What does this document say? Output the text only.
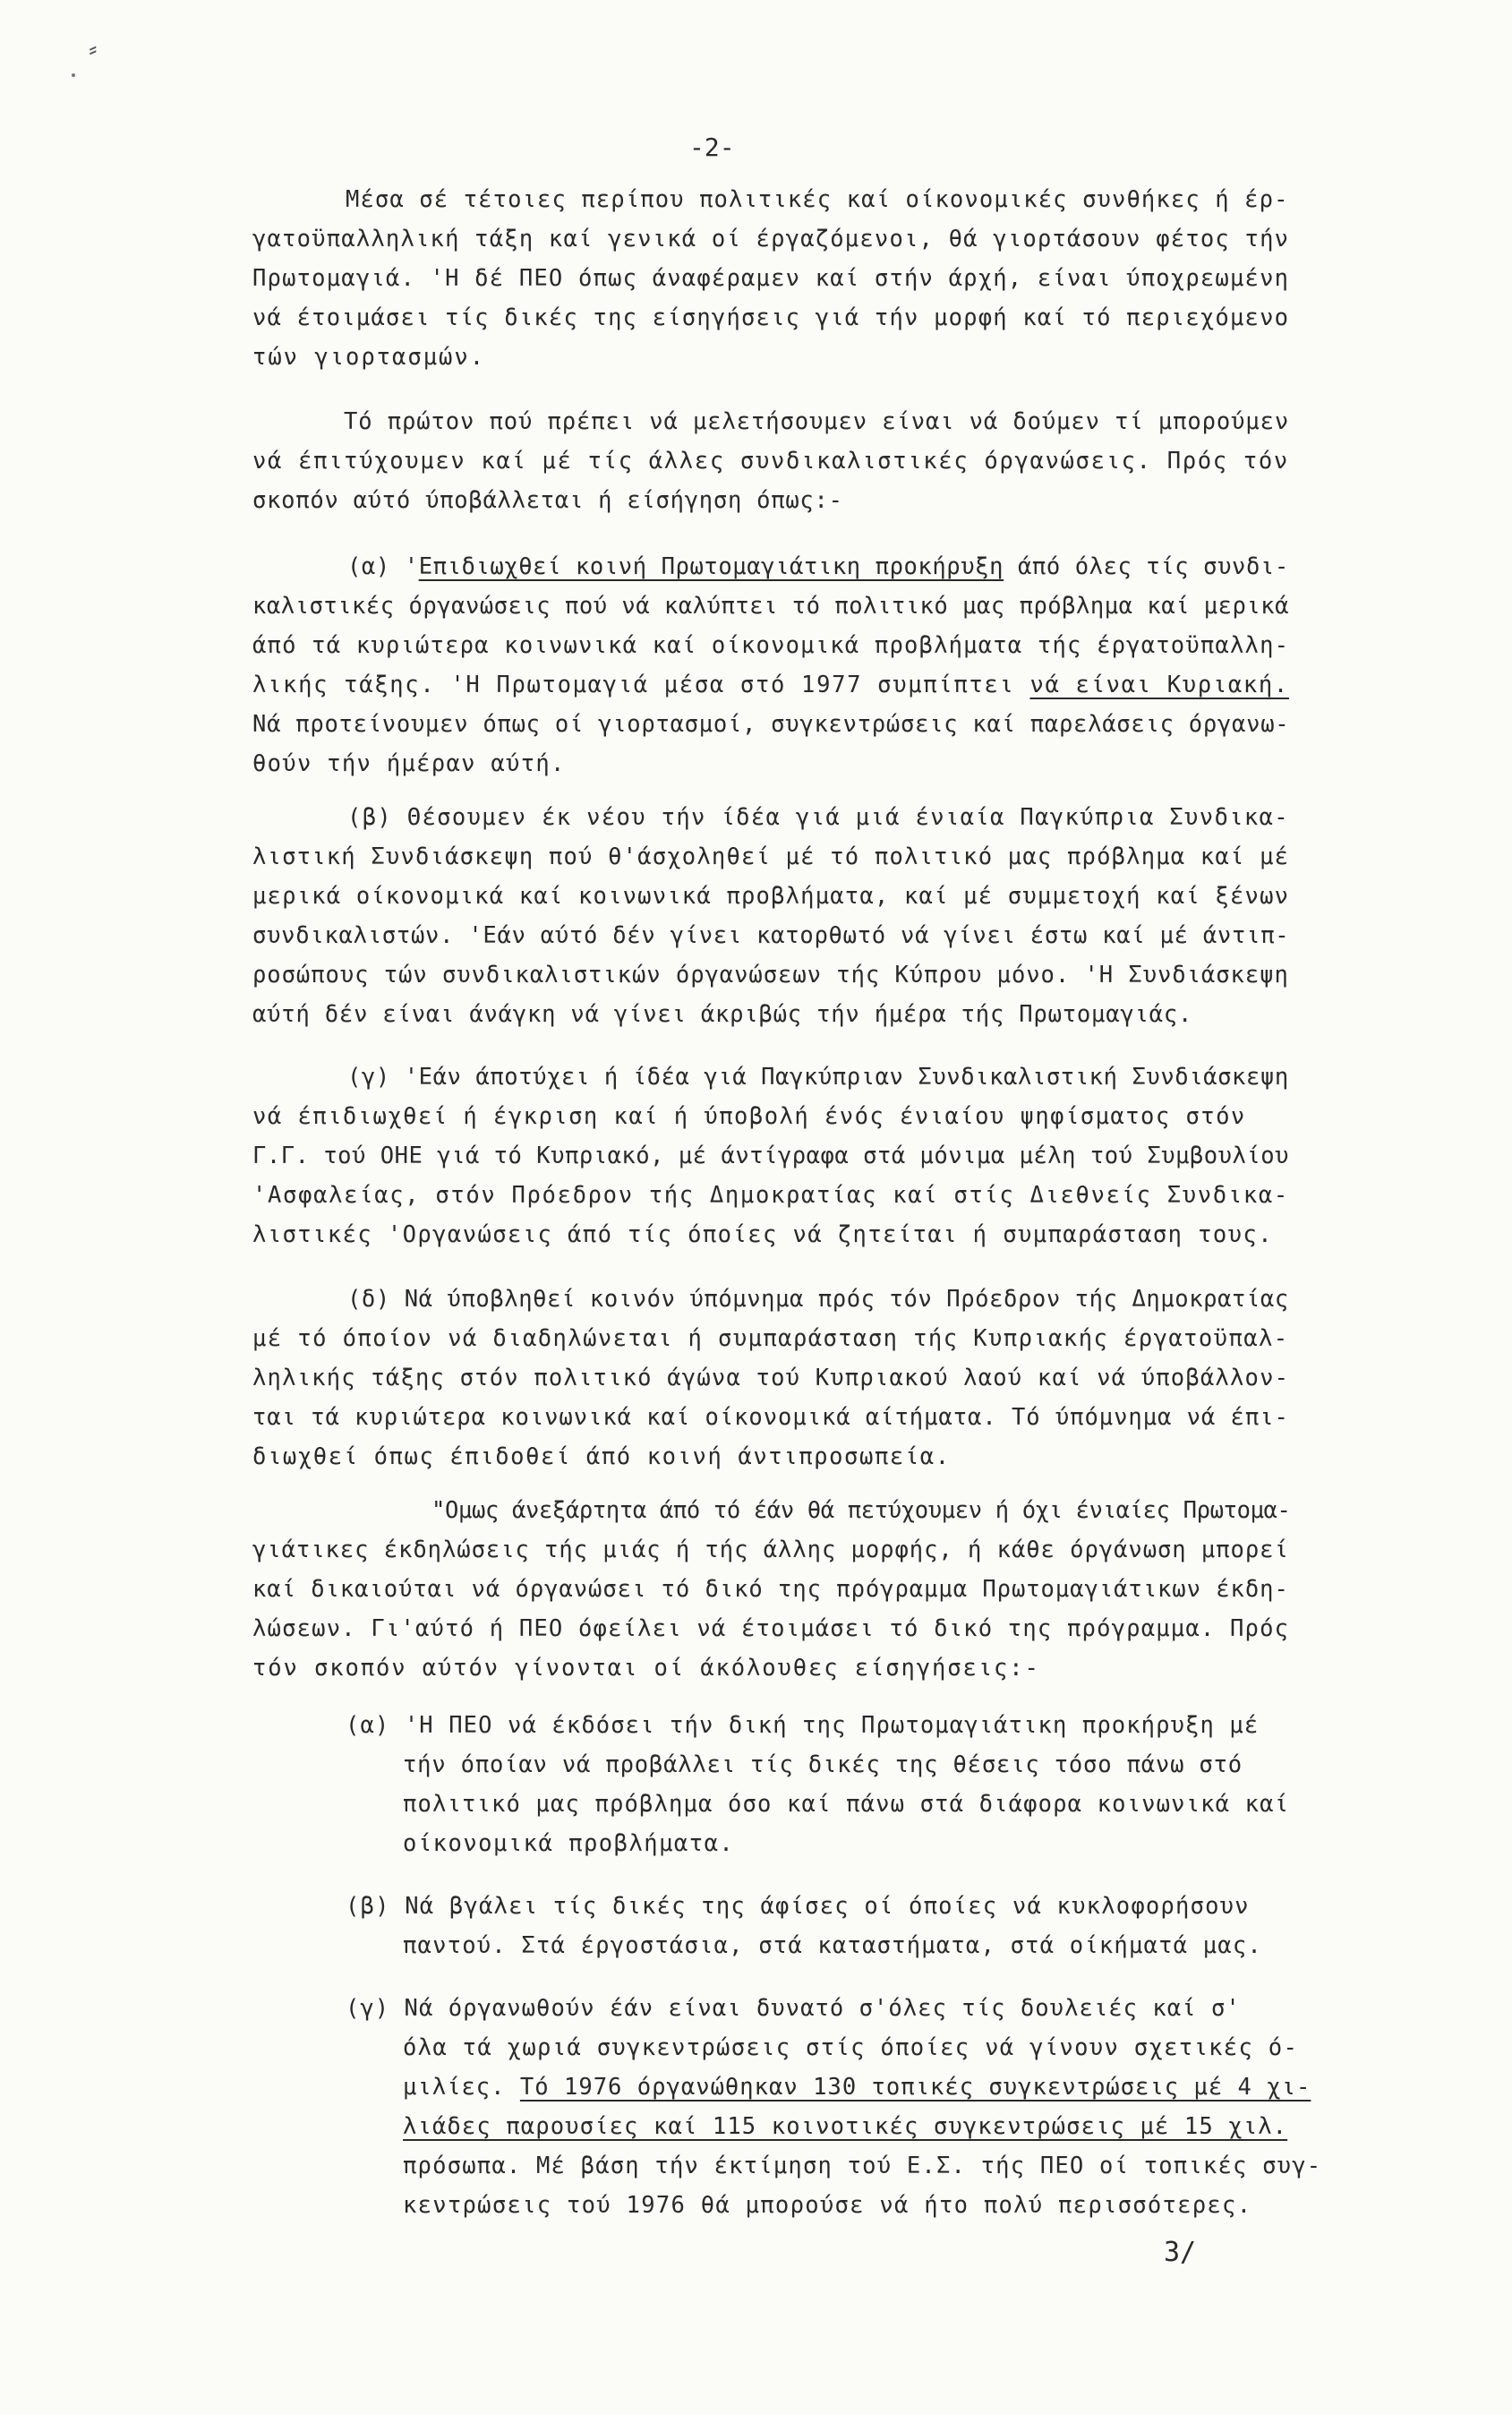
⸗
-2-
Μέσα σέ τέτοιες περίπου πολιτικές καί οίκονομικές συνθήκες ή έρ-
γατοϋπαλληλική τάξη καί γενικά οί έργαζόμενοι, θά γιορτάσουν φέτος τήν
Πρωτομαγιά. 'Η δέ ΠΕΟ όπως άναφέραμεν καί στήν άρχή, είναι ύποχρεωμένη
νά έτοιμάσει τίς δικές της είσηγήσεις γιά τήν μορφή καί τό περιεχόμενο
τών γιορτασμών.
Τό πρώτον πού πρέπει νά μελετήσουμεν είναι νά δούμεν τί μπορούμεν
νά έπιτύχουμεν καί μέ τίς άλλες συνδικαλιστικές όργανώσεις. Πρός τόν
σκοπόν αύτό ύποβάλλεται ή είσήγηση όπως:-
(α) 'Επιδιωχθεί κοινή Πρωτομαγιάτικη προκήρυξη άπό όλες τίς συνδι-
καλιστικές όργανώσεις πού νά καλύπτει τό πολιτικό μας πρόβλημα καί μερικά
άπό τά κυριώτερα κοινωνικά καί οίκονομικά προβλήματα τής έργατοϋπαλλη-
λικής τάξης. 'Η Πρωτομαγιά μέσα στό 1977 συμπίπτει νά είναι Κυριακή.
Νά προτείνουμεν όπως οί γιορτασμοί, συγκεντρώσεις καί παρελάσεις όργανω-
θούν τήν ήμέραν αύτή.
(β) Θέσουμεν έκ νέου τήν ίδέα γιά μιά ένιαία Παγκύπρια Συνδικα-
λιστική Συνδιάσκεψη πού θ'άσχοληθεί μέ τό πολιτικό μας πρόβλημα καί μέ
μερικά οίκονομικά καί κοινωνικά προβλήματα, καί μέ συμμετοχή καί ξένων
συνδικαλιστών. 'Εάν αύτό δέν γίνει κατορθωτό νά γίνει έστω καί μέ άντιπ-
ροσώπους τών συνδικαλιστικών όργανώσεων τής Κύπρου μόνο. 'Η Συνδιάσκεψη
αύτή δέν είναι άνάγκη νά γίνει άκριβώς τήν ήμέρα τής Πρωτομαγιάς.
(γ) 'Εάν άποτύχει ή ίδέα γιά Παγκύπριαν Συνδικαλιστική Συνδιάσκεψη
νά έπιδιωχθεί ή έγκριση καί ή ύποβολή ένός ένιαίου ψηφίσματος στόν
Γ.Γ. τού ΟΗΕ γιά τό Κυπριακό, μέ άντίγραφα στά μόνιμα μέλη τού Συμβουλίου
'Ασφαλείας, στόν Πρόεδρον τής Δημοκρατίας καί στίς Διεθνείς Συνδικα-
λιστικές 'Οργανώσεις άπό τίς όποίες νά ζητείται ή συμπαράσταση τους.
(δ) Νά ύποβληθεί κοινόν ύπόμνημα πρός τόν Πρόεδρον τής Δημοκρατίας
μέ τό όποίον νά διαδηλώνεται ή συμπαράσταση τής Κυπριακής έργατοϋπαλ-
ληλικής τάξης στόν πολιτικό άγώνα τού Κυπριακού λαού καί νά ύποβάλλον-
ται τά κυριώτερα κοινωνικά καί οίκονομικά αίτήματα. Τό ύπόμνημα νά έπι-
διωχθεί όπως έπιδοθεί άπό κοινή άντιπροσωπεία.
"Ομως άνεξάρτητα άπό τό έάν θά πετύχουμεν ή όχι ένιαίες Πρωτομα-
γιάτικες έκδηλώσεις τής μιάς ή τής άλλης μορφής, ή κάθε όργάνωση μπορεί
καί δικαιούται νά όργανώσει τό δικό της πρόγραμμα Πρωτομαγιάτικων έκδη-
λώσεων. Γι'αύτό ή ΠΕΟ όφείλει νά έτοιμάσει τό δικό της πρόγραμμα. Πρός
τόν σκοπόν αύτόν γίνονται οί άκόλουθες είσηγήσεις:-
(α) 'Η ΠΕΟ νά έκδόσει τήν δική της Πρωτομαγιάτικη προκήρυξη μέ
τήν όποίαν νά προβάλλει τίς δικές της θέσεις τόσο πάνω στό
πολιτικό μας πρόβλημα όσο καί πάνω στά διάφορα κοινωνικά καί
οίκονομικά προβλήματα.
(β) Νά βγάλει τίς δικές της άφίσες οί όποίες νά κυκλοφορήσουν
παντού. Στά έργοστάσια, στά καταστήματα, στά οίκήματά μας.
(γ) Νά όργανωθούν έάν είναι δυνατό σ'όλες τίς δουλειές καί σ'
όλα τά χωριά συγκεντρώσεις στίς όποίες νά γίνουν σχετικές ό-
μιλίες. Τό 1976 όργανώθηκαν 130 τοπικές συγκεντρώσεις μέ 4 χι-
λιάδες παρουσίες καί 115 κοινοτικές συγκεντρώσεις μέ 15 χιλ.
πρόσωπα. Μέ βάση τήν έκτίμηση τού Ε.Σ. τής ΠΕΟ οί τοπικές συγ-
κεντρώσεις τού 1976 θά μπορούσε νά ήτο πολύ περισσότερες.
3/
